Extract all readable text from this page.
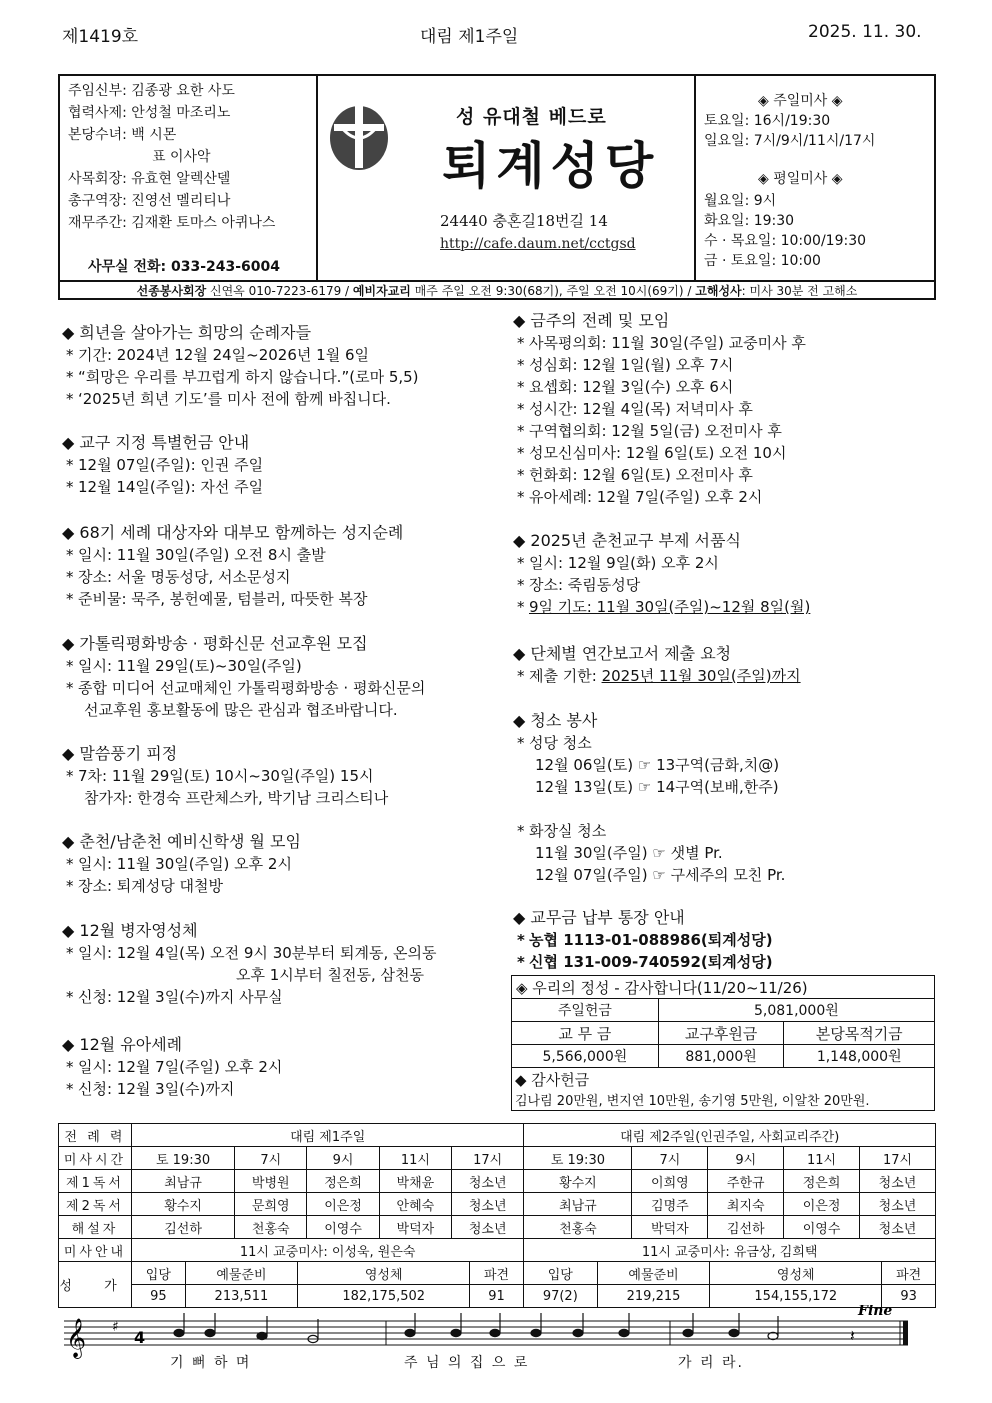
제1419호	대림 제1주일	2025. 11. 30.
주임신부: 김종광 요한 사도
협력사제: 안성철 마조리노
본당수녀: 백 시몬
표 이사악
사목회장: 유효현 알렉산델
총구역장: 진영선 멜리티나
재무주간: 김재환 토마스 아퀴나스
사무실 전화: 033-243-6004
성 유대철 베드로
퇴계성당
24440 충혼길18번길 14
http://cafe.daum.net/cctgsd
◈ 주일미사 ◈
토요일: 16시/19:30
일요일: 7시/9시/11시/17시
◈ 평일미사 ◈
월요일: 9시
화요일: 19:30
수 · 목요일: 10:00/19:30
금 · 토요일: 10:00
선종봉사회장 신연옥 010-7223-6179 / 예비자교리 매주 주일 오전 9:30(68기), 주일 오전 10시(69기) / 고해성사: 미사 30분 전 고해소
◆ 희년을 살아가는 희망의 순례자들
* 기간: 2024년 12월 24일~2026년 1월 6일
* “희망은 우리를 부끄럽게 하지 않습니다.”(로마 5,5)
* ‘2025년 희년 기도’를 미사 전에 함께 바칩니다.
◆ 교구 지정 특별헌금 안내
* 12월 07일(주일): 인권 주일
* 12월 14일(주일): 자선 주일
◆ 68기 세례 대상자와 대부모 함께하는 성지순례
* 일시: 11월 30일(주일) 오전 8시 출발
* 장소: 서울 명동성당, 서소문성지
* 준비물: 묵주, 봉헌예물, 텀블러, 따뜻한 복장
◆ 가톨릭평화방송 · 평화신문 선교후원 모집
* 일시: 11월 29일(토)~30일(주일)
* 종합 미디어 선교매체인 가톨릭평화방송 · 평화신문의
선교후원 홍보활동에 많은 관심과 협조바랍니다.
◆ 말씀풍기 피정
* 7차: 11월 29일(토) 10시~30일(주일) 15시
참가자: 한경숙 프란체스카, 박기남 크리스티나
◆ 춘천/남춘천 예비신학생 월 모임
* 일시: 11월 30일(주일) 오후 2시
* 장소: 퇴계성당 대철방
◆ 12월 병자영성체
* 일시: 12월 4일(목) 오전 9시 30분부터 퇴계동, 온의동
오후 1시부터 칠전동, 삼천동
* 신청: 12월 3일(수)까지 사무실
◆ 12월 유아세례
* 일시: 12월 7일(주일) 오후 2시
* 신청: 12월 3일(수)까지
◆ 금주의 전례 및 모임
* 사목평의회: 11월 30일(주일) 교중미사 후
* 성심회: 12월 1일(월) 오후 7시
* 요셉회: 12월 3일(수) 오후 6시
* 성시간: 12월 4일(목) 저녁미사 후
* 구역협의회: 12월 5일(금) 오전미사 후
* 성모신심미사: 12월 6일(토) 오전 10시
* 헌화회: 12월 6일(토) 오전미사 후
* 유아세례: 12월 7일(주일) 오후 2시
◆ 2025년 춘천교구 부제 서품식
* 일시: 12월 9일(화) 오후 2시
* 장소: 죽림동성당
* 9일 기도: 11월 30일(주일)~12월 8일(월)
◆ 단체별 연간보고서 제출 요청
* 제출 기한: 2025년 11월 30일(주일)까지
◆ 청소 봉사
* 성당 청소
12월 06일(토) ☞ 13구역(금화,치@)
12월 13일(토) ☞ 14구역(보배,한주)
* 화장실 청소
11월 30일(주일) ☞ 샛별 Pr.
12월 07일(주일) ☞ 구세주의 모친 Pr.
◆ 교무금 납부 통장 안내
* 농협 1113-01-088986(퇴계성당)
* 신협 131-009-740592(퇴계성당)
◈ 우리의 정성 - 감사합니다(11/20~11/26)		
주일헌금	5,081,000원	
교 무 금	교구후원금	본당목적기금
5,566,000원	881,000원	1,148,000원

◆ 감사헌금
김나림 20만원, 변지연 10만원, 송기영 5만원, 이알찬 20만원.		
전 례 력	대림 제1주일					대림 제2주일(인권주일, 사회교리주간)				
미사시간	토 19:30	7시	9시	11시	17시	토 19:30	7시	9시	11시	17시
제1독서	최남규	박병원	정은희	박채윤	청소년	황수지	이희영	주한규	정은희	청소년
제2독서	황수지	문희영	이은정	안혜숙	청소년	최남규	김명주	최지숙	이은정	청소년
해설자	김선하	천홍숙	이영수	박덕자	청소년	천홍숙	박덕자	김선하	이영수	청소년
미사안내	11시 교중미사: 이성욱, 원은숙					11시 교중미사: 유금상, 김희택				
성 가	입당	예물준비	영성체	파견	입당	예물준비	영성체	파견
	95	213,511	182,175,502	91	97(2)	219,215	154,155,172	93
𝄞 ♯
4	𝄽
Fine
기 뻐 하 며	주 님 의 집 으 로	가 리 라.
